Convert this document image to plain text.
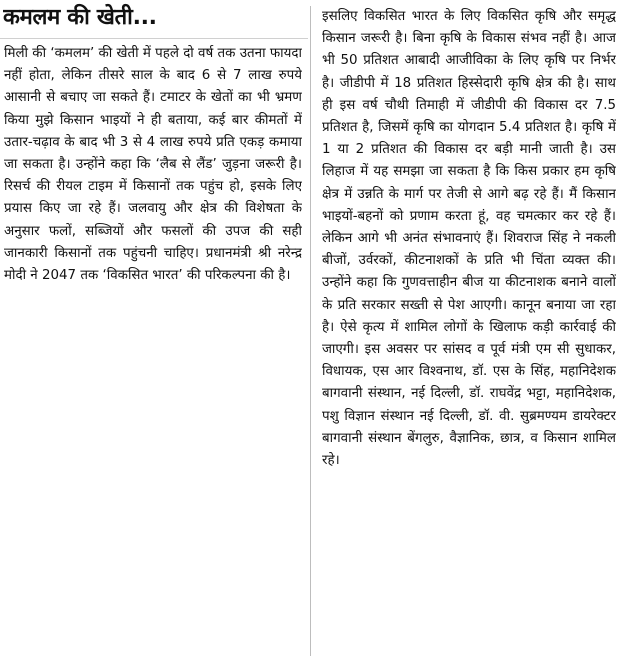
कमलम की खेती...

मिली की ‘कमलम’ की खेती में पहले दो वर्ष तक उतना फायदा नहीं होता, लेकिन तीसरे साल के बाद 6 से 7 लाख रुपये आसानी से बचाए जा सकते हैं। टमाटर के खेतों का भी भ्रमण किया मुझे किसान भाइयों ने ही बताया, कई बार कीमतों में उतार-चढ़ाव के बाद भी 3 से 4 लाख रुपये प्रति एकड़ कमाया जा सकता है। उन्होंने कहा कि ‘लैब से लैंड’ जुड़ना जरूरी है। रिसर्च की रीयल टाइम में किसानों तक पहुंच हो, इसके लिए प्रयास किए जा रहे हैं। जलवायु और क्षेत्र की विशेषता के अनुसार फलों, सब्जियों और फसलों की उपज की सही जानकारी किसानों तक पहुंचनी चाहिए। प्रधानमंत्री श्री नरेन्द्र मोदी ने 2047 तक ‘विकसित भारत’ की परिकल्पना की है।

इसलिए विकसित भारत के लिए विकसित कृषि और समृद्ध किसान जरूरी है। बिना कृषि के विकास संभव नहीं है। आज भी 50 प्रतिशत आबादी आजीविका के लिए कृषि पर निर्भर है। जीडीपी में 18 प्रतिशत हिस्सेदारी कृषि क्षेत्र की है। साथ ही इस वर्ष चौथी तिमाही में जीडीपी की विकास दर 7.5 प्रतिशत है, जिसमें कृषि का योगदान 5.4 प्रतिशत है। कृषि में 1 या 2 प्रतिशत की विकास दर बड़ी मानी जाती है। उस लिहाज में यह समझा जा सकता है कि किस प्रकार हम कृषि क्षेत्र में उन्नति के मार्ग पर तेजी से आगे बढ़ रहे हैं। मैं किसान भाइयों-बहनों को प्रणाम करता हूं, वह चमत्कार कर रहे हैं। लेकिन आगे भी अनंत संभावनाएं हैं। शिवराज सिंह ने नकली बीजों, उर्वरकों, कीटनाशकों के प्रति भी चिंता व्यक्त की। उन्होंने कहा कि गुणवत्ताहीन बीज या कीटनाशक बनाने वालों के प्रति सरकार सख्ती से पेश आएगी। कानून बनाया जा रहा है। ऐसे कृत्य में शामिल लोगों के खिलाफ कड़ी कार्रवाई की जाएगी। इस अवसर पर सांसद व पूर्व मंत्री एम सी सुधाकर, विधायक, एस आर विश्वनाथ, डॉ. एस के सिंह, महानिदेशक बागवानी संस्थान, नई दिल्ली, डॉ. राघवेंद्र भट्टा, महानिदेशक, पशु विज्ञान संस्थान नई दिल्ली, डॉ. वी. सुब्रमण्यम डायरेक्टर बागवानी संस्थान बेंगलुरु, वैज्ञानिक, छात्र, व किसान शामिल रहे।
